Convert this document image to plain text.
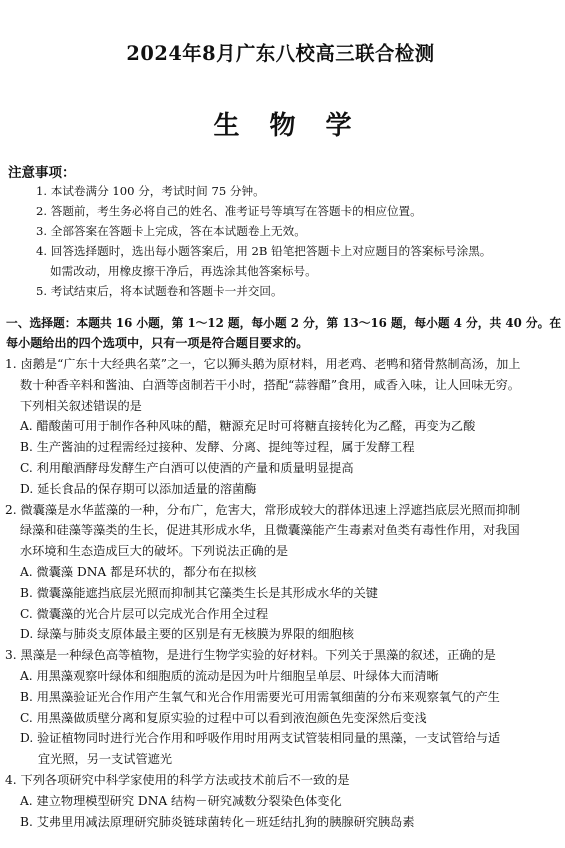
2024年8月广东八校高三联合检测
生物学
注意事项：
1. 本试卷满分 100 分，考试时间 75 分钟。
2. 答题前，考生务必将自己的姓名、准考证号等填写在答题卡的相应位置。
3. 全部答案在答题卡上完成，答在本试题卷上无效。
4. 回答选择题时，选出每小题答案后，用 2B 铅笔把答题卡上对应题目的答案标号涂黑。
如需改动，用橡皮擦干净后，再选涂其他答案标号。
5. 考试结束后，将本试题卷和答题卡一并交回。
一、选择题：本题共 16 小题，第 1～12 题，每小题 2 分，第 13～16 题，每小题 4 分，共 40 分。在
每小题给出的四个选项中，只有一项是符合题目要求的。
1. 卤鹅是“广东十大经典名菜”之一，它以狮头鹅为原材料，用老鸡、老鸭和猪骨熬制高汤，加上
数十种香辛料和酱油、白酒等卤制若干小时，搭配“蒜蓉醋”食用，咸香入味，让人回味无穷。
下列相关叙述错误的是
A. 醋酸菌可用于制作各种风味的醋，糖源充足时可将糖直接转化为乙醛，再变为乙酸
B. 生产酱油的过程需经过接种、发酵、分离、提纯等过程，属于发酵工程
C. 利用酿酒酵母发酵生产白酒可以使酒的产量和质量明显提高
D. 延长食品的保存期可以添加适量的溶菌酶
2. 微囊藻是水华蓝藻的一种，分布广，危害大，常形成较大的群体迅速上浮遮挡底层光照而抑制
绿藻和硅藻等藻类的生长，促进其形成水华，且微囊藻能产生毒素对鱼类有毒性作用，对我国
水环境和生态造成巨大的破坏。下列说法正确的是
A. 微囊藻 DNA 都是环状的，都分布在拟核
B. 微囊藻能遮挡底层光照而抑制其它藻类生长是其形成水华的关键
C. 微囊藻的光合片层可以完成光合作用全过程
D. 绿藻与肺炎支原体最主要的区别是有无核膜为界限的细胞核
3. 黑藻是一种绿色高等植物，是进行生物学实验的好材料。下列关于黑藻的叙述，正确的是
A. 用黑藻观察叶绿体和细胞质的流动是因为叶片细胞呈单层、叶绿体大而清晰
B. 用黑藻验证光合作用产生氧气和光合作用需要光可用需氧细菌的分布来观察氧气的产生
C. 用黑藻做质壁分离和复原实验的过程中可以看到液泡颜色先变深然后变浅
D. 验证植物同时进行光合作用和呼吸作用时用两支试管装相同量的黑藻，一支试管给与适
宜光照，另一支试管遮光
4. 下列各项研究中科学家使用的科学方法或技术前后不一致的是
A. 建立物理模型研究 DNA 结构－研究减数分裂染色体变化
B. 艾弗里用减法原理研究肺炎链球菌转化－班廷结扎狗的胰腺研究胰岛素
